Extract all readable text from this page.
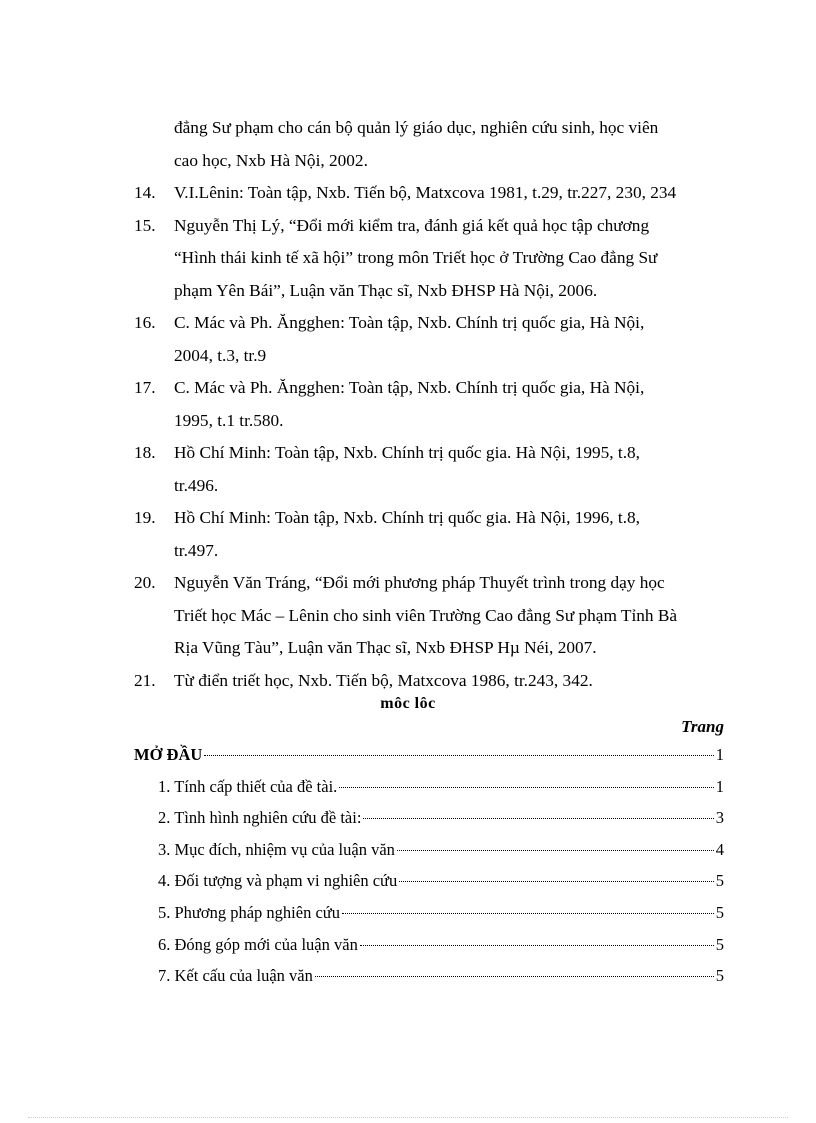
đẳng Sư phạm cho cán bộ quản lý giáo dục, nghiên cứu sinh, học viên
cao học, Nxb Hà Nội, 2002.
14.	V.I.Lênin: Toàn tập, Nxb. Tiến bộ, Matxcova 1981, t.29, tr.227, 230, 234
15.	Nguyễn Thị Lý, “Đổi mới kiểm tra, đánh giá kết quả học tập chương
“Hình thái kinh tế xã hội” trong môn Triết học ở Trường Cao đẳng Sư
phạm Yên Bái”, Luận văn Thạc sĩ, Nxb ĐHSP Hà Nội, 2006.
16.	C. Mác và Ph. Ăngghen: Toàn tập, Nxb. Chính trị quốc gia, Hà Nội,
2004, t.3, tr.9
17.	C. Mác và Ph. Ăngghen: Toàn tập, Nxb. Chính trị quốc gia, Hà Nội,
1995, t.1 tr.580.
18.	Hồ Chí Minh: Toàn tập, Nxb. Chính trị quốc gia. Hà Nội, 1995, t.8,
tr.496.
19.	Hồ Chí Minh: Toàn tập, Nxb. Chính trị quốc gia. Hà Nội, 1996, t.8,
tr.497.
20.	Nguyễn Văn Tráng, “Đổi mới phương pháp Thuyết trình trong dạy học
Triết học Mác – Lênin cho sinh viên Trường Cao đẳng Sư phạm Tỉnh Bà
Rịa Vũng Tàu”, Luận văn Thạc sĩ, Nxb ĐHSP Hµ Néi, 2007.
21.	Từ điển triết học, Nxb. Tiến bộ, Matxcova 1986, tr.243, 342.
môc lôc
Trang
MỞ ĐẦU	1
1. Tính cấp thiết của đề tài.	1
2. Tình hình nghiên cứu đề tài:	3
3. Mục đích, nhiệm vụ của luận văn	4
4. Đối tượng và phạm vi nghiên cứu	5
5. Phương pháp nghiên cứu	5
6. Đóng góp mới của luận văn	5
7. Kết cấu của luận văn	5
